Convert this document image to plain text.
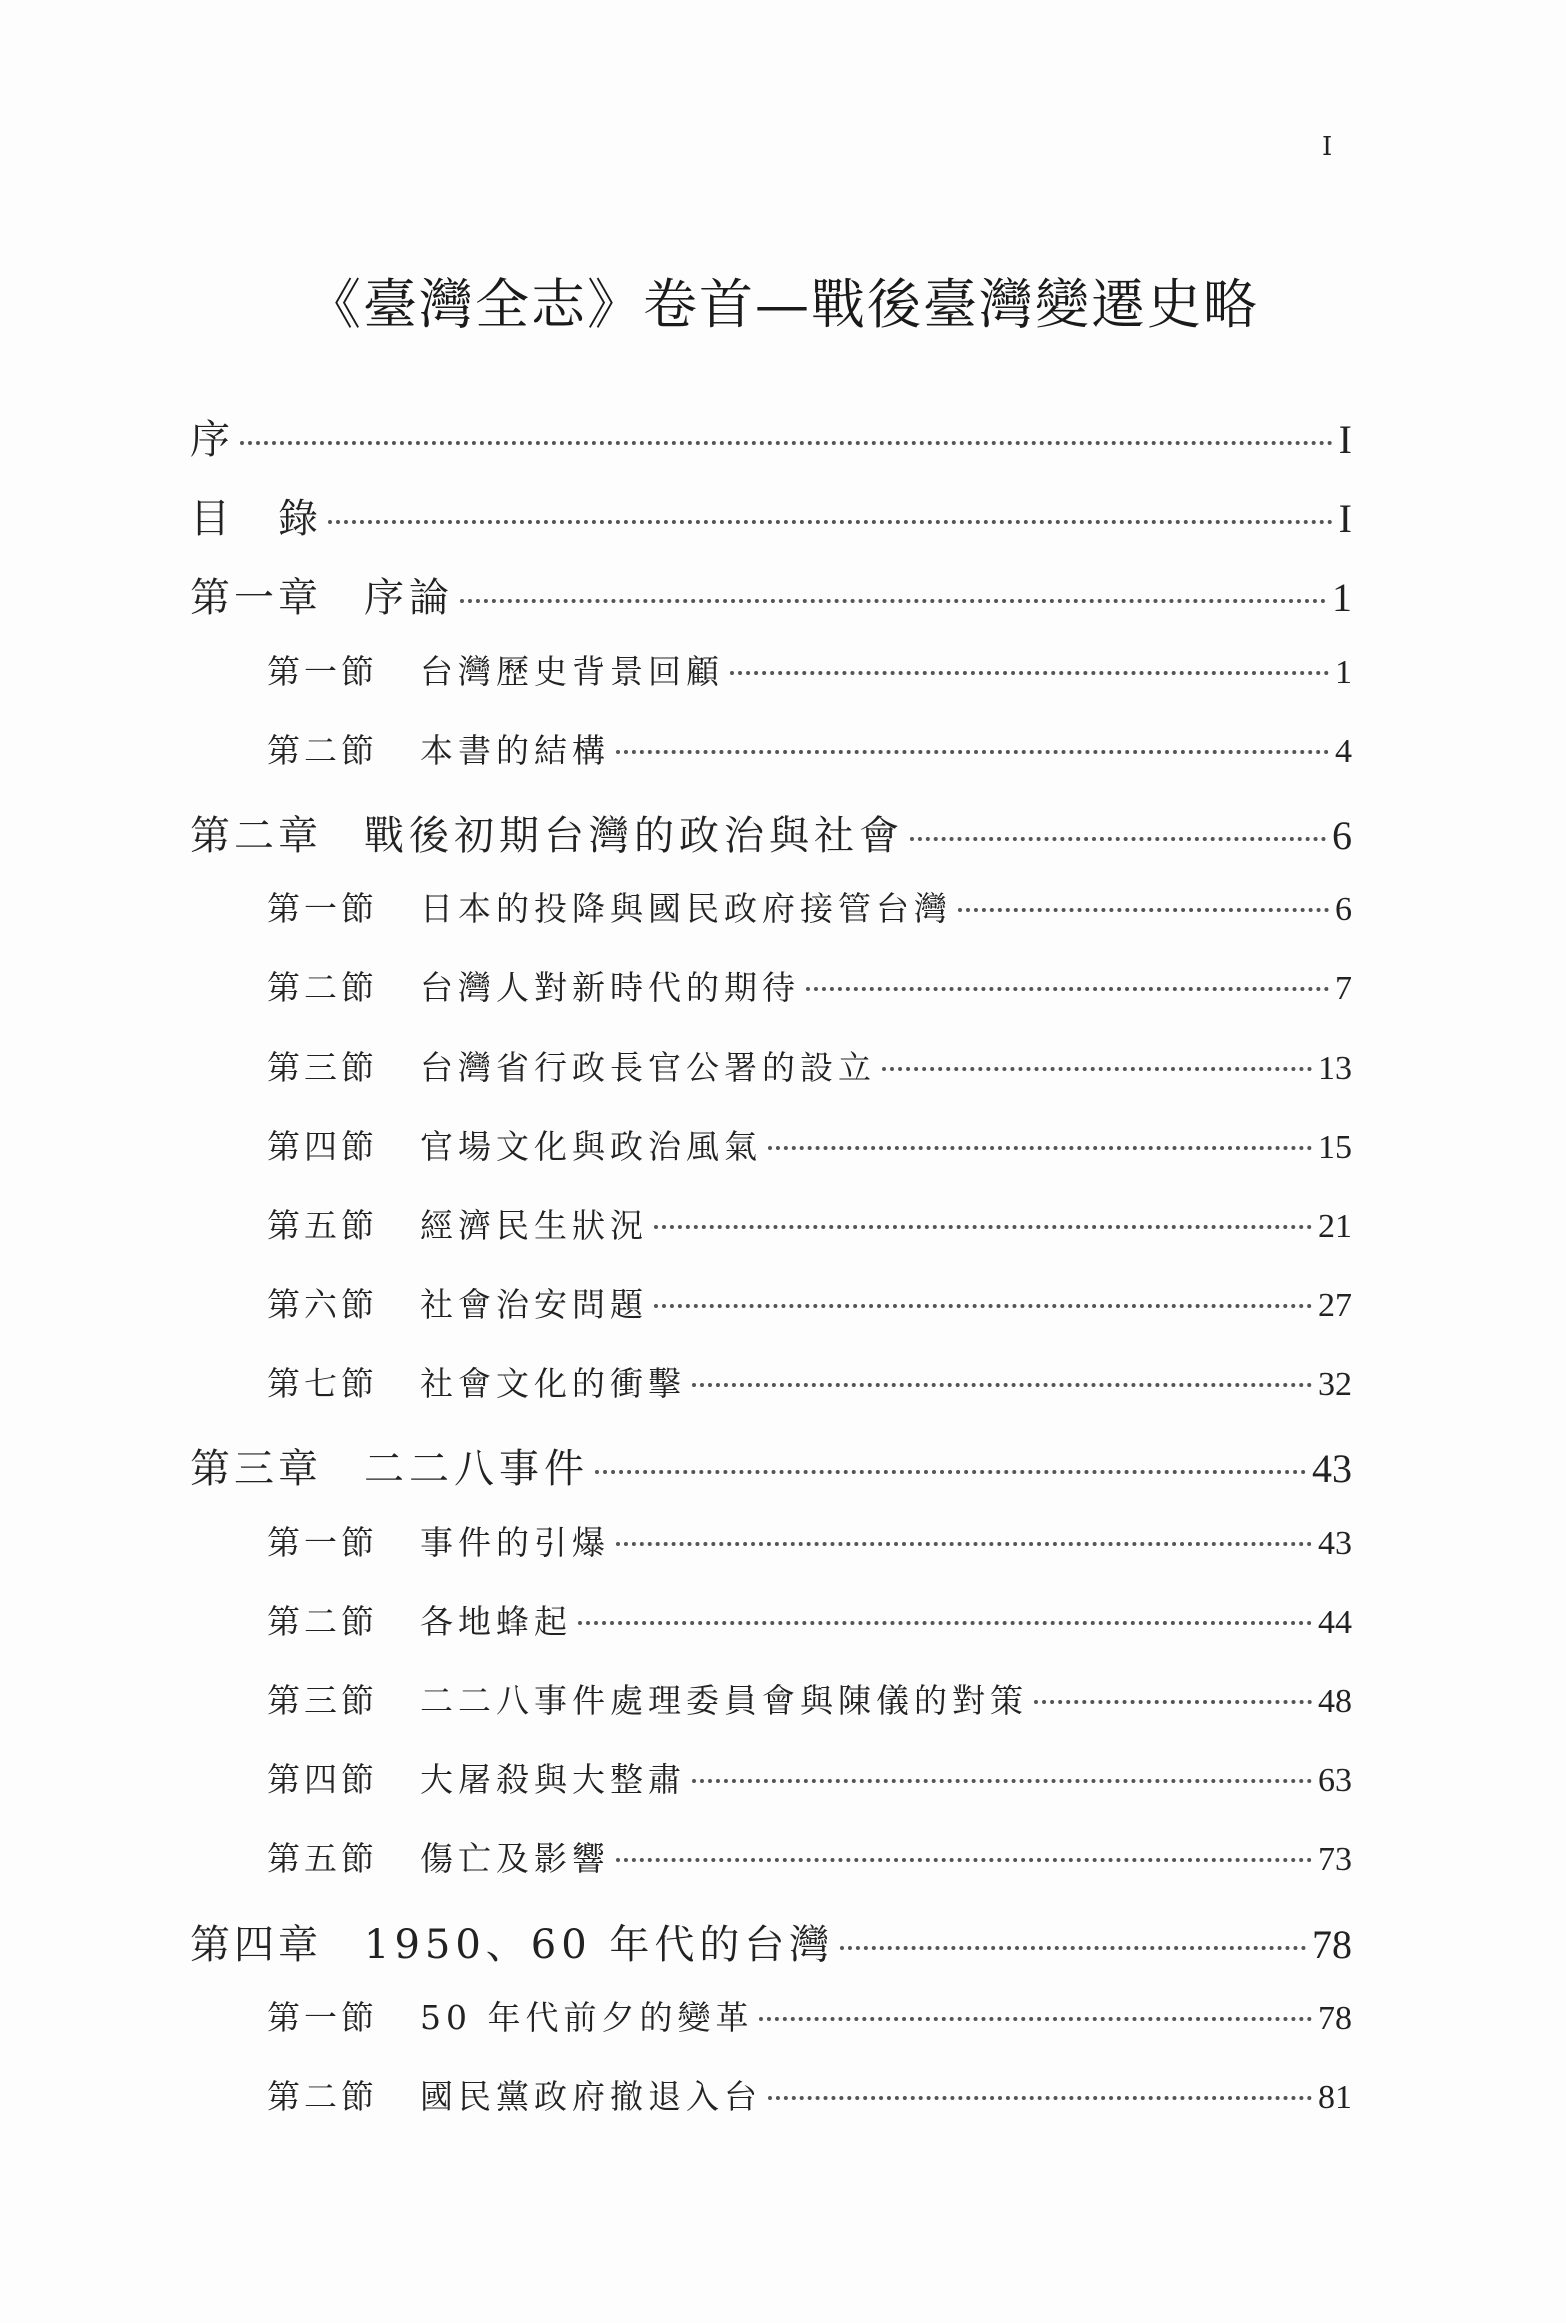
I
《臺灣全志》卷首—戰後臺灣變遷史略
序	I
目　錄	I
第一章	序論	1
第一節	台灣歷史背景回顧	1
第二節	本書的結構	4
第二章	戰後初期台灣的政治與社會	6
第一節	日本的投降與國民政府接管台灣	6
第二節	台灣人對新時代的期待	7
第三節	台灣省行政長官公署的設立	13
第四節	官場文化與政治風氣	15
第五節	經濟民生狀況	21
第六節	社會治安問題	27
第七節	社會文化的衝擊	32
第三章	二二八事件	43
第一節	事件的引爆	43
第二節	各地蜂起	44
第三節	二二八事件處理委員會與陳儀的對策	48
第四節	大屠殺與大整肅	63
第五節	傷亡及影響	73
第四章	1950、60 年代的台灣	78
第一節	50 年代前夕的變革	78
第二節	國民黨政府撤退入台	81
